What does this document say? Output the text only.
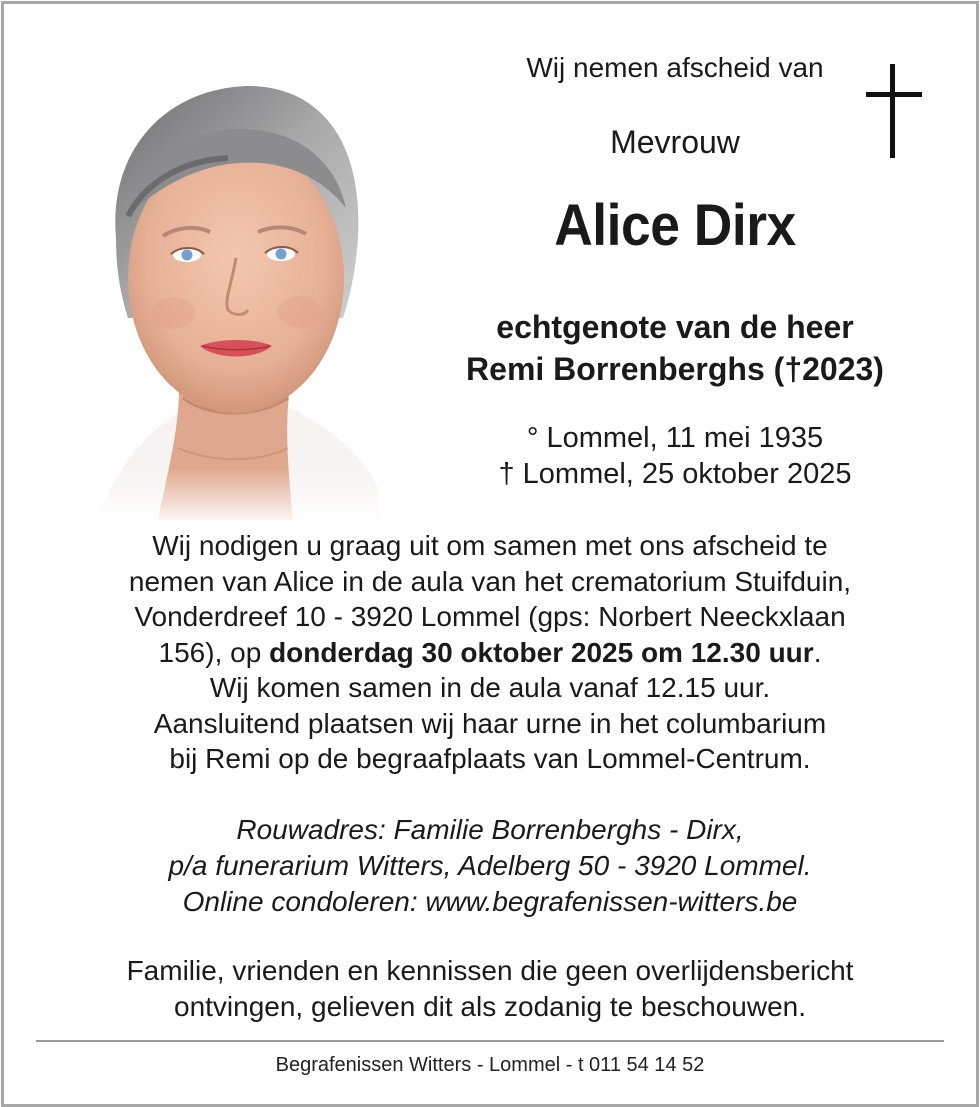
Wij nemen afscheid van
Mevrouw
Alice Dirx
echtgenote van de heer
Remi Borrenberghs (†2023)
° Lommel, 11 mei 1935
† Lommel, 25 oktober 2025
Wij nodigen u graag uit om samen met ons afscheid te
nemen van Alice in de aula van het crematorium Stuifduin,
Vonderdreef 10 - 3920 Lommel (gps: Norbert Neeckxlaan
156), op donderdag 30 oktober 2025 om 12.30 uur.
Wij komen samen in de aula vanaf 12.15 uur.
Aansluitend plaatsen wij haar urne in het columbarium
bij Remi op de begraafplaats van Lommel-Centrum.
Rouwadres: Familie Borrenberghs - Dirx,
p/a funerarium Witters, Adelberg 50 - 3920 Lommel.
Online condoleren: www.begrafenissen-witters.be
Familie, vrienden en kennissen die geen overlijdensbericht
ontvingen, gelieven dit als zodanig te beschouwen.
Begrafenissen Witters - Lommel - t 011 54 14 52
